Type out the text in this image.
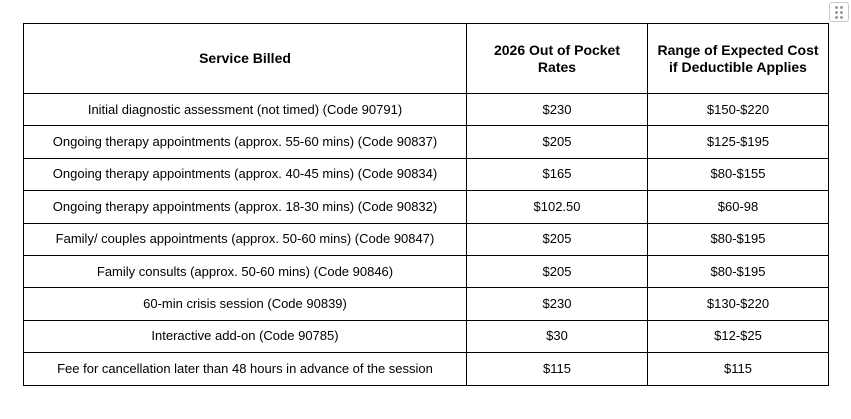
Service Billed	2026 Out of Pocket Rates	Range of Expected Cost if Deductible Applies
Initial diagnostic assessment (not timed) (Code 90791)	$230	$150-$220
Ongoing therapy appointments (approx. 55-60 mins) (Code 90837)	$205	$125-$195
Ongoing therapy appointments (approx. 40-45 mins) (Code 90834)	$165	$80-$155
Ongoing therapy appointments (approx. 18-30 mins) (Code 90832)	$102.50	$60-98
Family/ couples appointments (approx. 50-60 mins) (Code 90847)	$205	$80-$195
Family consults (approx. 50-60 mins) (Code 90846)	$205	$80-$195
60-min crisis session (Code 90839)	$230	$130-$220
Interactive add-on (Code 90785)	$30	$12-$25
Fee for cancellation later than 48 hours in advance of the session	$115	$115
